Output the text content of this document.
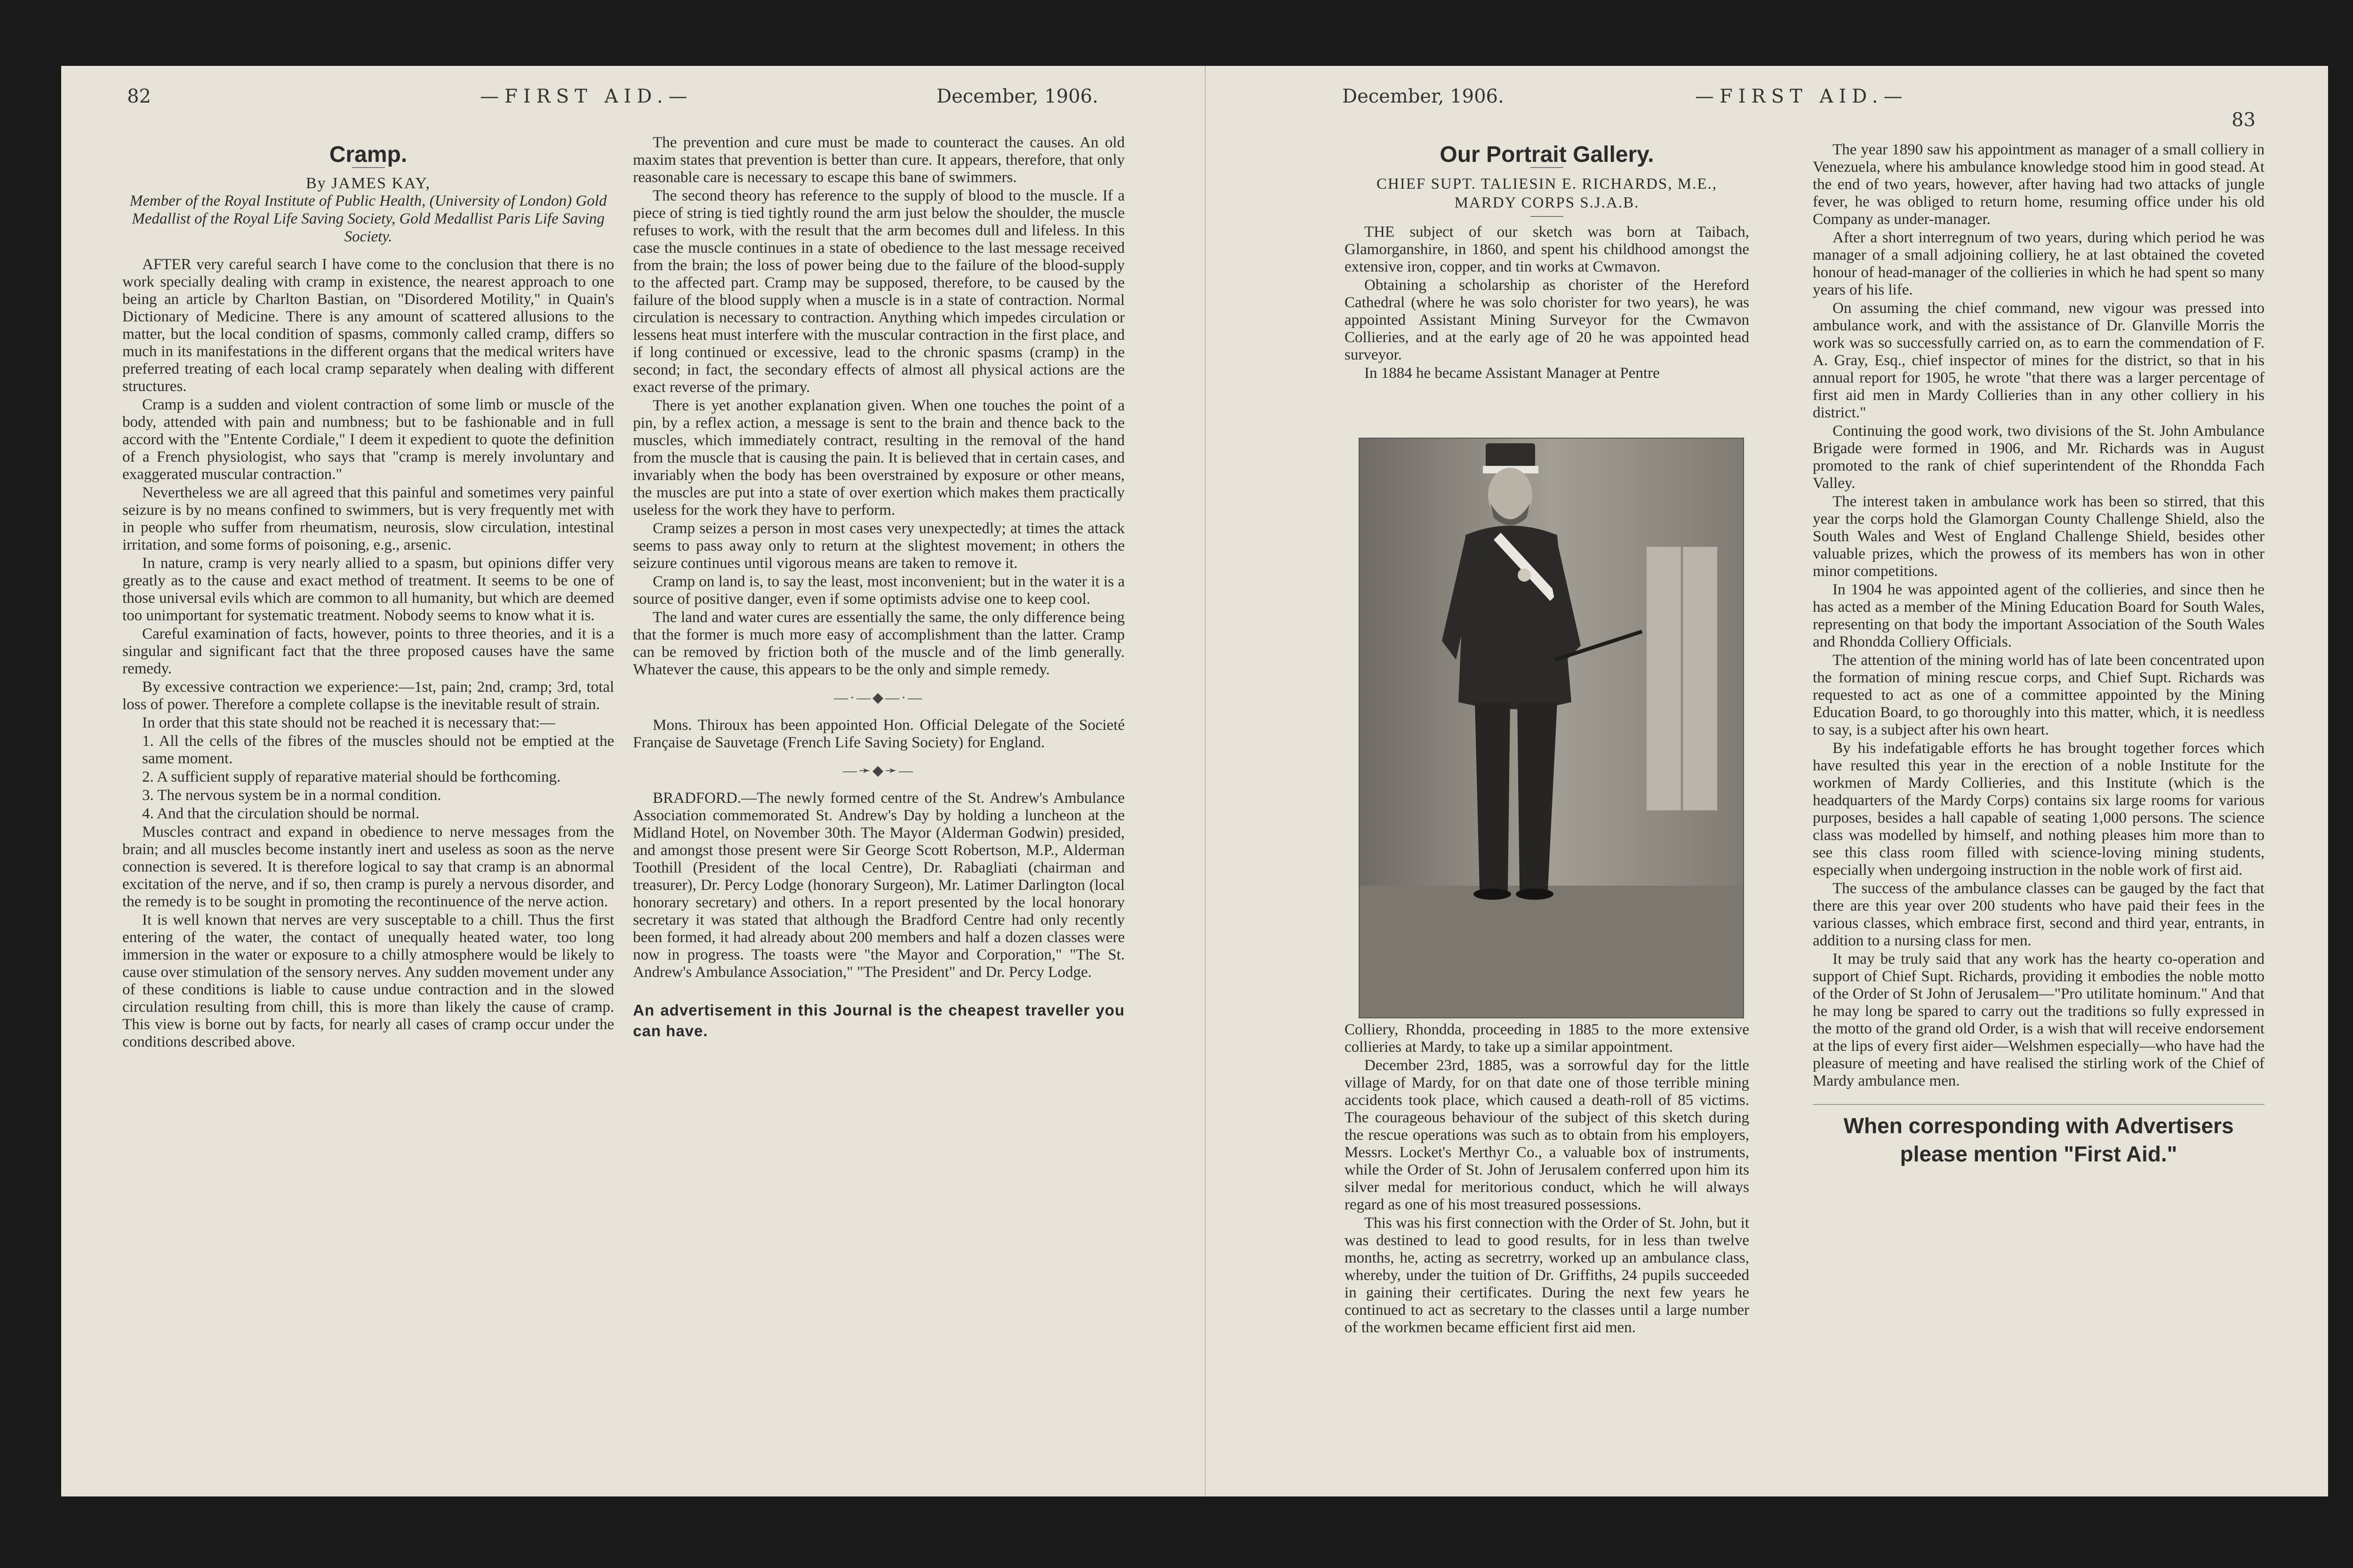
82	—FIRST AID.—	December, 1906.
Cramp.
By JAMES KAY,
Member of the Royal Institute of Public Health, (University of London) Gold Medallist of the Royal Life Saving Society, Gold Medallist Paris Life Saving Society.

AFTER very careful search I have come to the conclusion that there is no work specially dealing with cramp in existence, the nearest approach to one being an article by Charlton Bastian, on "Disordered Motility," in Quain's Dictionary of Medicine. There is any amount of scattered allusions to the matter, but the local condition of spasms, commonly called cramp, differs so much in its manifestations in the different organs that the medical writers have preferred treating of each local cramp separately when dealing with different structures.

Cramp is a sudden and violent contraction of some limb or muscle of the body, attended with pain and numbness; but to be fashionable and in full accord with the "Entente Cordiale," I deem it expedient to quote the definition of a French physiologist, who says that "cramp is merely involuntary and exaggerated muscular contraction."

Nevertheless we are all agreed that this painful and sometimes very painful seizure is by no means confined to swimmers, but is very frequently met with in people who suffer from rheumatism, neurosis, slow circulation, intestinal irritation, and some forms of poisoning, e.g., arsenic.

In nature, cramp is very nearly allied to a spasm, but opinions differ very greatly as to the cause and exact method of treatment. It seems to be one of those universal evils which are common to all humanity, but which are deemed too unimportant for systematic treatment. Nobody seems to know what it is.

Careful examination of facts, however, points to three theories, and it is a singular and significant fact that the three proposed causes have the same remedy.

By excessive contraction we experience:—1st, pain; 2nd, cramp; 3rd, total loss of power. Therefore a complete collapse is the inevitable result of strain.

In order that this state should not be reached it is necessary that:—

1. All the cells of the fibres of the muscles should not be emptied at the same moment.

2. A sufficient supply of reparative material should be forthcoming.

3. The nervous system be in a normal condition.

4. And that the circulation should be normal.

Muscles contract and expand in obedience to nerve messages from the brain; and all muscles become instantly inert and useless as soon as the nerve connection is severed. It is therefore logical to say that cramp is an abnormal excitation of the nerve, and if so, then cramp is purely a nervous disorder, and the remedy is to be sought in promoting the recontinuence of the nerve action.

It is well known that nerves are very susceptable to a chill. Thus the first entering of the water, the contact of unequally heated water, too long immersion in the water or exposure to a chilly atmosphere would be likely to cause over stimulation of the sensory nerves. Any sudden movement under any of these conditions is liable to cause undue contraction and in the slowed circulation resulting from chill, this is more than likely the cause of cramp. This view is borne out by facts, for nearly all cases of cramp occur under the conditions described above.

The prevention and cure must be made to counteract the causes. An old maxim states that prevention is better than cure. It appears, therefore, that only reasonable care is necessary to escape this bane of swimmers.

The second theory has reference to the supply of blood to the muscle. If a piece of string is tied tightly round the arm just below the shoulder, the muscle refuses to work, with the result that the arm becomes dull and lifeless. In this case the muscle continues in a state of obedience to the last message received from the brain; the loss of power being due to the failure of the blood-supply to the affected part. Cramp may be supposed, therefore, to be caused by the failure of the blood supply when a muscle is in a state of contraction. Normal circulation is necessary to contraction. Anything which impedes circulation or lessens heat must interfere with the muscular contraction in the first place, and if long continued or excessive, lead to the chronic spasms (cramp) in the second; in fact, the secondary effects of almost all physical actions are the exact reverse of the primary.

There is yet another explanation given. When one touches the point of a pin, by a reflex action, a message is sent to the brain and thence back to the muscles, which immediately contract, resulting in the removal of the hand from the muscle that is causing the pain. It is believed that in certain cases, and invariably when the body has been overstrained by exposure or other means, the muscles are put into a state of over exertion which makes them practically useless for the work they have to perform.

Cramp seizes a person in most cases very unexpectedly; at times the attack seems to pass away only to return at the slightest movement; in others the seizure continues until vigorous means are taken to remove it.

Cramp on land is, to say the least, most inconvenient; but in the water it is a source of positive danger, even if some optimists advise one to keep cool.

The land and water cures are essentially the same, the only difference being that the former is much more easy of accomplishment than the latter. Cramp can be removed by friction both of the muscle and of the limb generally. Whatever the cause, this appears to be the only and simple remedy.

—·—◆—·—

Mons. Thiroux has been appointed Hon. Official Delegate of the Societé Française de Sauvetage (French Life Saving Society) for England.

—➛◆➛—

BRADFORD.—The newly formed centre of the St. Andrew's Ambulance Association commemorated St. Andrew's Day by holding a luncheon at the Midland Hotel, on November 30th. The Mayor (Alderman Godwin) presided, and amongst those present were Sir George Scott Robertson, M.P., Alderman Toothill (President of the local Centre), Dr. Rabagliati (chairman and treasurer), Dr. Percy Lodge (honorary Surgeon), Mr. Latimer Darlington (local honorary secretary) and others. In a report presented by the local honorary secretary it was stated that although the Bradford Centre had only recently been formed, it had already about 200 members and half a dozen classes were now in progress. The toasts were "the Mayor and Corporation," "The St. Andrew's Ambulance Association," "The President" and Dr. Percy Lodge.

An advertisement in this Journal is the cheapest traveller you can have.
December, 1906.	—FIRST AID.—
83
Our Portrait Gallery.
CHIEF SUPT. TALIESIN E. RICHARDS, M.E.,
MARDY CORPS S.J.A.B.

THE subject of our sketch was born at Taibach, Glamorganshire, in 1860, and spent his childhood amongst the extensive iron, copper, and tin works at Cwmavon.

Obtaining a scholarship as chorister of the Hereford Cathedral (where he was solo chorister for two years), he was appointed Assistant Mining Surveyor for the Cwmavon Collieries, and at the early age of 20 he was appointed head surveyor.

In 1884 he became Assistant Manager at Pentre

Colliery, Rhondda, proceeding in 1885 to the more extensive collieries at Mardy, to take up a similar appointment.

December 23rd, 1885, was a sorrowful day for the little village of Mardy, for on that date one of those terrible mining accidents took place, which caused a death-roll of 85 victims. The courageous behaviour of the subject of this sketch during the rescue operations was such as to obtain from his employers, Messrs. Locket's Merthyr Co., a valuable box of instruments, while the Order of St. John of Jerusalem conferred upon him its silver medal for meritorious conduct, which he will always regard as one of his most treasured possessions.

This was his first connection with the Order of St. John, but it was destined to lead to good results, for in less than twelve months, he, acting as secretrry, worked up an ambulance class, whereby, under the tuition of Dr. Griffiths, 24 pupils succeeded in gaining their certificates. During the next few years he continued to act as secretary to the classes until a large number of the workmen became efficient first aid men.

The year 1890 saw his appointment as manager of a small colliery in Venezuela, where his ambulance knowledge stood him in good stead. At the end of two years, however, after having had two attacks of jungle fever, he was obliged to return home, resuming office under his old Company as under-manager.

After a short interregnum of two years, during which period he was manager of a small adjoining colliery, he at last obtained the coveted honour of head-manager of the collieries in which he had spent so many years of his life.

On assuming the chief command, new vigour was pressed into ambulance work, and with the assistance of Dr. Glanville Morris the work was so successfully carried on, as to earn the commendation of F. A. Gray, Esq., chief inspector of mines for the district, so that in his annual report for 1905, he wrote "that there was a larger percentage of first aid men in Mardy Collieries than in any other colliery in his district."

Continuing the good work, two divisions of the St. John Ambulance Brigade were formed in 1906, and Mr. Richards was in August promoted to the rank of chief superintendent of the Rhondda Fach Valley.

The interest taken in ambulance work has been so stirred, that this year the corps hold the Glamorgan County Challenge Shield, also the South Wales and West of England Challenge Shield, besides other valuable prizes, which the prowess of its members has won in other minor competitions.

In 1904 he was appointed agent of the collieries, and since then he has acted as a member of the Mining Education Board for South Wales, representing on that body the important Association of the South Wales and Rhondda Colliery Officials.

The attention of the mining world has of late been concentrated upon the formation of mining rescue corps, and Chief Supt. Richards was requested to act as one of a committee appointed by the Mining Education Board, to go thoroughly into this matter, which, it is needless to say, is a subject after his own heart.

By his indefatigable efforts he has brought together forces which have resulted this year in the erection of a noble Institute for the workmen of Mardy Collieries, and this Institute (which is the headquarters of the Mardy Corps) contains six large rooms for various purposes, besides a hall capable of seating 1,000 persons. The science class was modelled by himself, and nothing pleases him more than to see this class room filled with science-loving mining students, especially when undergoing instruction in the noble work of first aid.

The success of the ambulance classes can be gauged by the fact that there are this year over 200 students who have paid their fees in the various classes, which embrace first, second and third year, entrants, in addition to a nursing class for men.

It may be truly said that any work has the hearty co-operation and support of Chief Supt. Richards, providing it embodies the noble motto of the Order of St John of Jerusalem—"Pro utilitate hominum." And that he may long be spared to carry out the traditions so fully expressed in the motto of the grand old Order, is a wish that will receive endorsement at the lips of every first aider—Welshmen especially—who have had the pleasure of meeting and have realised the stirling work of the Chief of Mardy ambulance men.

When corresponding with Advertisers please mention "First Aid."
